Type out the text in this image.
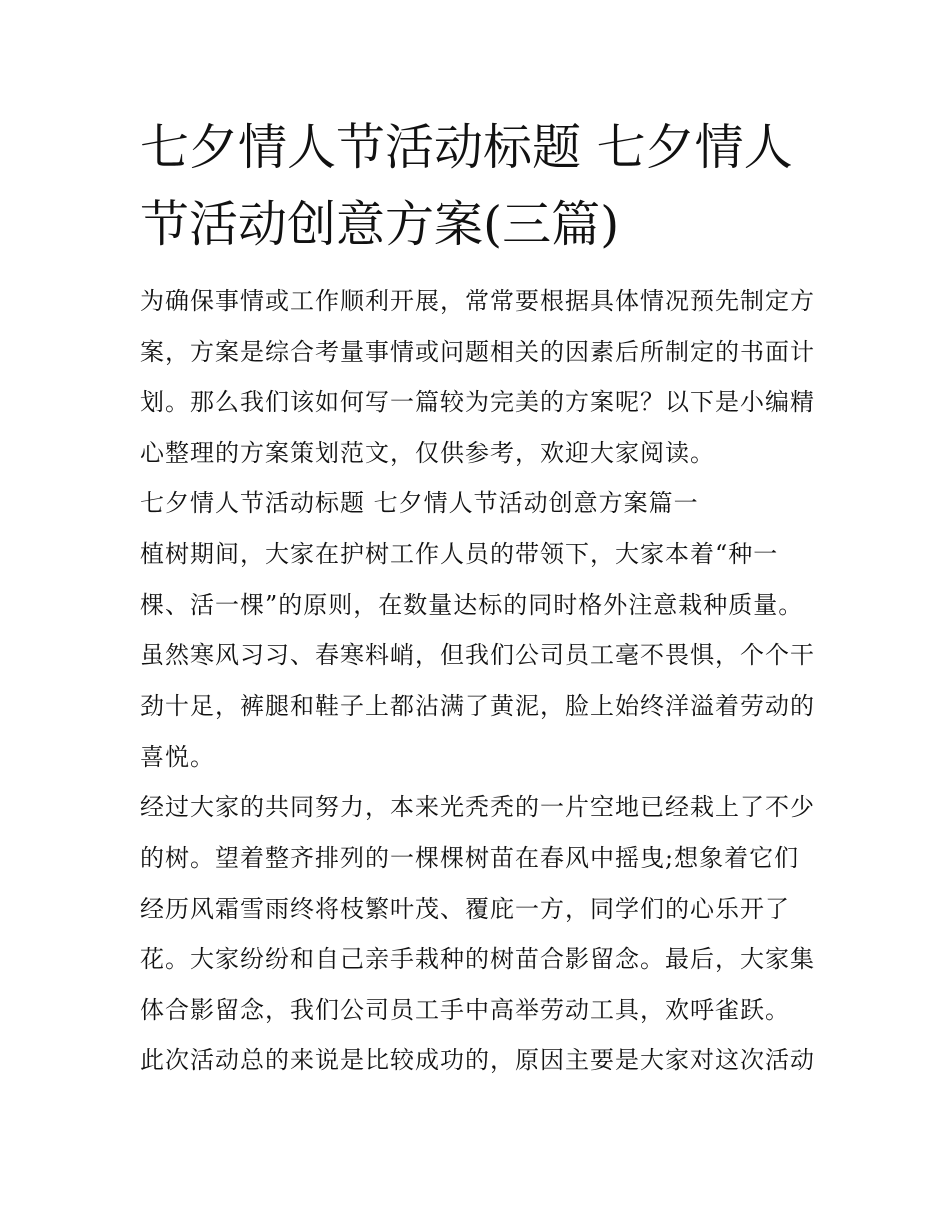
七夕情人节活动标题 七夕情人
节活动创意方案(三篇)
为确保事情或工作顺利开展，常常要根据具体情况预先制定方
案，方案是综合考量事情或问题相关的因素后所制定的书面计
划。那么我们该如何写一篇较为完美的方案呢？以下是小编精
心整理的方案策划范文，仅供参考，欢迎大家阅读。
七夕情人节活动标题 七夕情人节活动创意方案篇一
植树期间，大家在护树工作人员的带领下，大家本着“种一
棵、活一棵”的原则，在数量达标的同时格外注意栽种质量。
虽然寒风习习、春寒料峭，但我们公司员工毫不畏惧，个个干
劲十足，裤腿和鞋子上都沾满了黄泥，脸上始终洋溢着劳动的
喜悦。
经过大家的共同努力，本来光秃秃的一片空地已经栽上了不少
的树。望着整齐排列的一棵棵树苗在春风中摇曳;想象着它们
经历风霜雪雨终将枝繁叶茂、覆庇一方，同学们的心乐开了
花。大家纷纷和自己亲手栽种的树苗合影留念。最后，大家集
体合影留念，我们公司员工手中高举劳动工具，欢呼雀跃。
此次活动总的来说是比较成功的，原因主要是大家对这次活动
